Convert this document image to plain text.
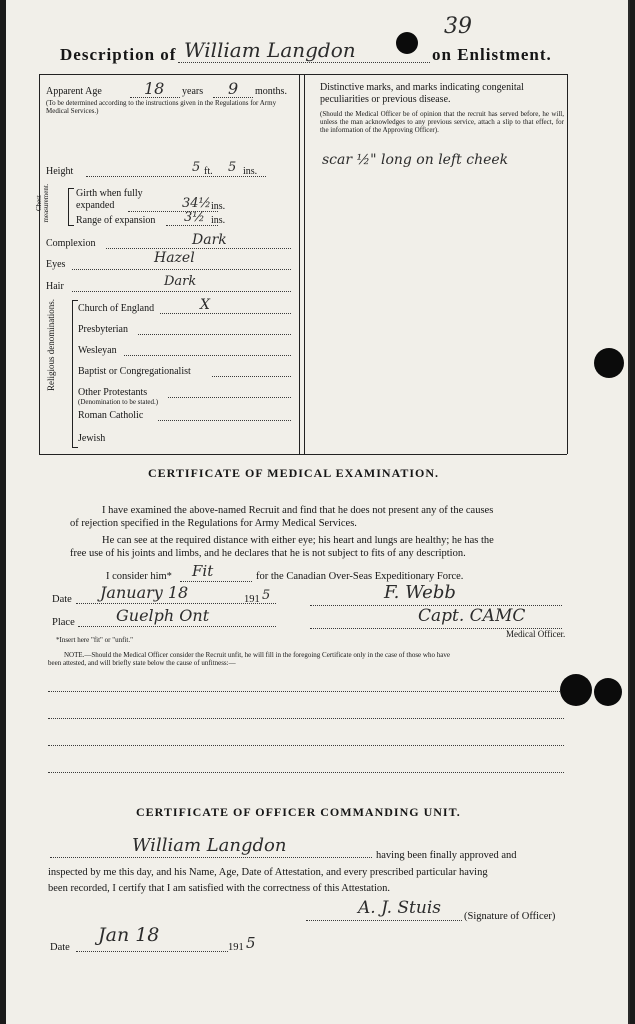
39
Description of William Langdon	on Enlistment.
Apparent Age	18 years 9 months.
(To be determined according to the instructions given in the Regulations for Army Medical Services.)
Height	5 ft. 5 ins.
Chest measurement.	Girth when fully expanded	34½ ins.
Range of expansion 3½ ins.
Complexion	Dark
Eyes	Hazel
Hair	Dark
Religious denominations. Church of England	X
Presbyterian
Wesleyan
Baptist or Congregationalist
Other Protestants
(Denomination to be stated.)
Roman Catholic
Jewish
Distinctive marks, and marks indicating congenital peculiarities or previous disease.
(Should the Medical Officer be of opinion that the recruit has served before, he will, unless the man acknowledges to any previous service, attach a slip to that effect, for the information of the Approving Officer).
scar ½" long on left cheek
CERTIFICATE OF MEDICAL EXAMINATION.
I have examined the above-named Recruit and find that he does not present any of the causes
of rejection specified in the Regulations for Army Medical Services.
He can see at the required distance with either eye; his heart and lungs are healthy; he has the
free use of his joints and limbs, and he declares that he is not subject to fits of any description.
I consider him* Fit	for the Canadian Over-Seas Expeditionary Force.
Date January 18	191 5	F. Webb
Place	Guelph Ont	Capt. CAMC
Medical Officer.
*Insert here "fit" or "unfit."
NOTE.—Should the Medical Officer consider the Recruit unfit, he will fill in the foregoing Certificate only in the case of those who have
been attested, and will briefly state below the cause of unfitness:—
CERTIFICATE OF OFFICER COMMANDING UNIT.
William Langdon	having been finally approved and
inspected by me this day, and his Name, Age, Date of Attestation, and every prescribed particular having
been recorded, I certify that I am satisfied with the correctness of this Attestation.
A. J. Stuis (Signature of Officer)
Date
Jan 18
191 5
